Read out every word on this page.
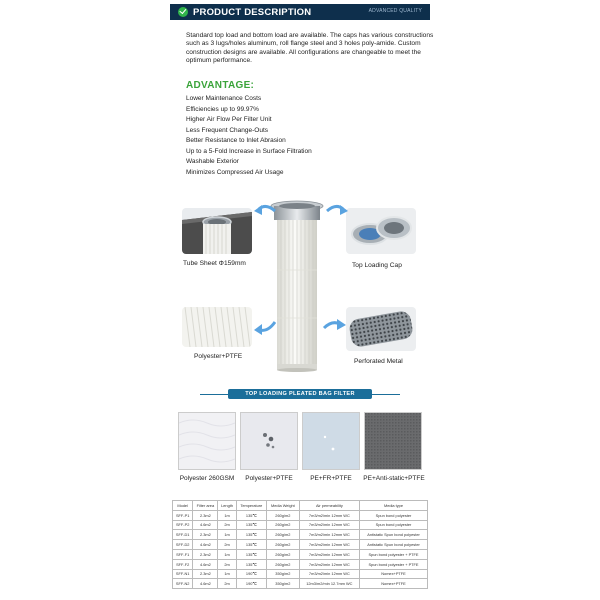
PRODUCT DESCRIPTION	ADVANCED QUALITY

Standard top load and bottom load are available. The caps has various constructions such as 3 lugs/holes aluminum, roll flange steel and 3 holes poly-amide. Custom construction designs are available. All configurations are changeable to meet the optimum performance.

ADVANTAGE:
Lower Maintenance Costs
Efficiencies up to 99.97%
Higher Air Flow Per Filter Unit
Less Frequent Change-Outs
Better Resistance to Inlet Abrasion
Up to a 5-Fold Increase in Surface Filtration
Washable Exterior
Minimizes Compressed Air Usage
Tube Sheet Φ159mm	Top Loading Cap
Polyester+PTFE
Perforated Metal
TOP LOADING PLEATED BAG FILTER
Polyester 260GSM	Polyester+PTFE	PE+FR+PTFE	PE+Anti-static+PTFE
Model	Filter area	Length	Temperature	Media Weight	Air permeability	Media type
SFF-P1	2.3m2	1m	135℃	260g/m2	7m3/m2/min 12mm WC	Spun bond polyester
SFF-P2	4.6m2	2m	135℃	260g/m2	7m3/m2/min 12mm WC	Spun bond polyester
SFF-D1	2.3m2	1m	135℃	260g/m2	7m3/m2/min 12mm WC	Antistatic Spun bond polyester
SFF-D2	4.6m2	2m	135℃	260g/m2	7m3/m2/min 12mm WC	Antistatic Spun bond polyester
SFF-F1	2.3m2	1m	135℃	260g/m2	7m3/m2/min 12mm WC	Spun bond polyester + PTFE
SFF-F2	4.6m2	2m	135℃	260g/m2	7m3/m2/min 12mm WC	Spun bond polyester + PTFE
SFF-N1	2.3m2	1m	190℃	350g/m2	7m3/m2/min 12mm WC	Nomex+PTFE
SFF-N2	4.6m2	2m	190℃	350g/m2	12m3/m2/min 12.7mm WC	Nomex+PTFE
